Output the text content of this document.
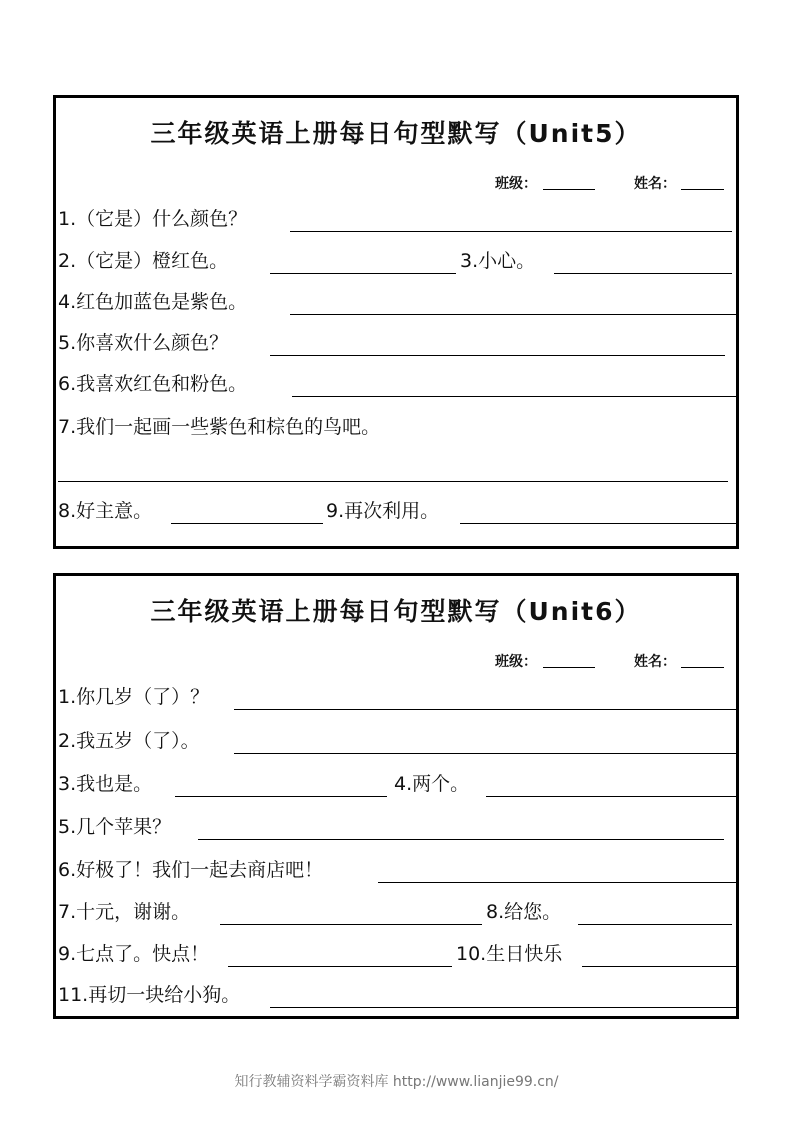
三年级英语上册每日句型默写（Unit5）
班级：	姓名：
1.（它是）什么颜色？
2.（它是）橙红色。	3.小心。
4.红色加蓝色是紫色。
5.你喜欢什么颜色？
6.我喜欢红色和粉色。
7.我们一起画一些紫色和棕色的鸟吧。
8.好主意。	9.再次利用。
三年级英语上册每日句型默写（Unit6）
班级：	姓名：
1.你几岁（了）？
2.我五岁（了）。
3.我也是。	4.两个。
5.几个苹果？
6.好极了！我们一起去商店吧！
7.十元，谢谢。	8.给您。
9.七点了。快点！	10.生日快乐
11.再切一块给小狗。
知行教辅资料学霸资料库 http://www.lianjie99.cn/
